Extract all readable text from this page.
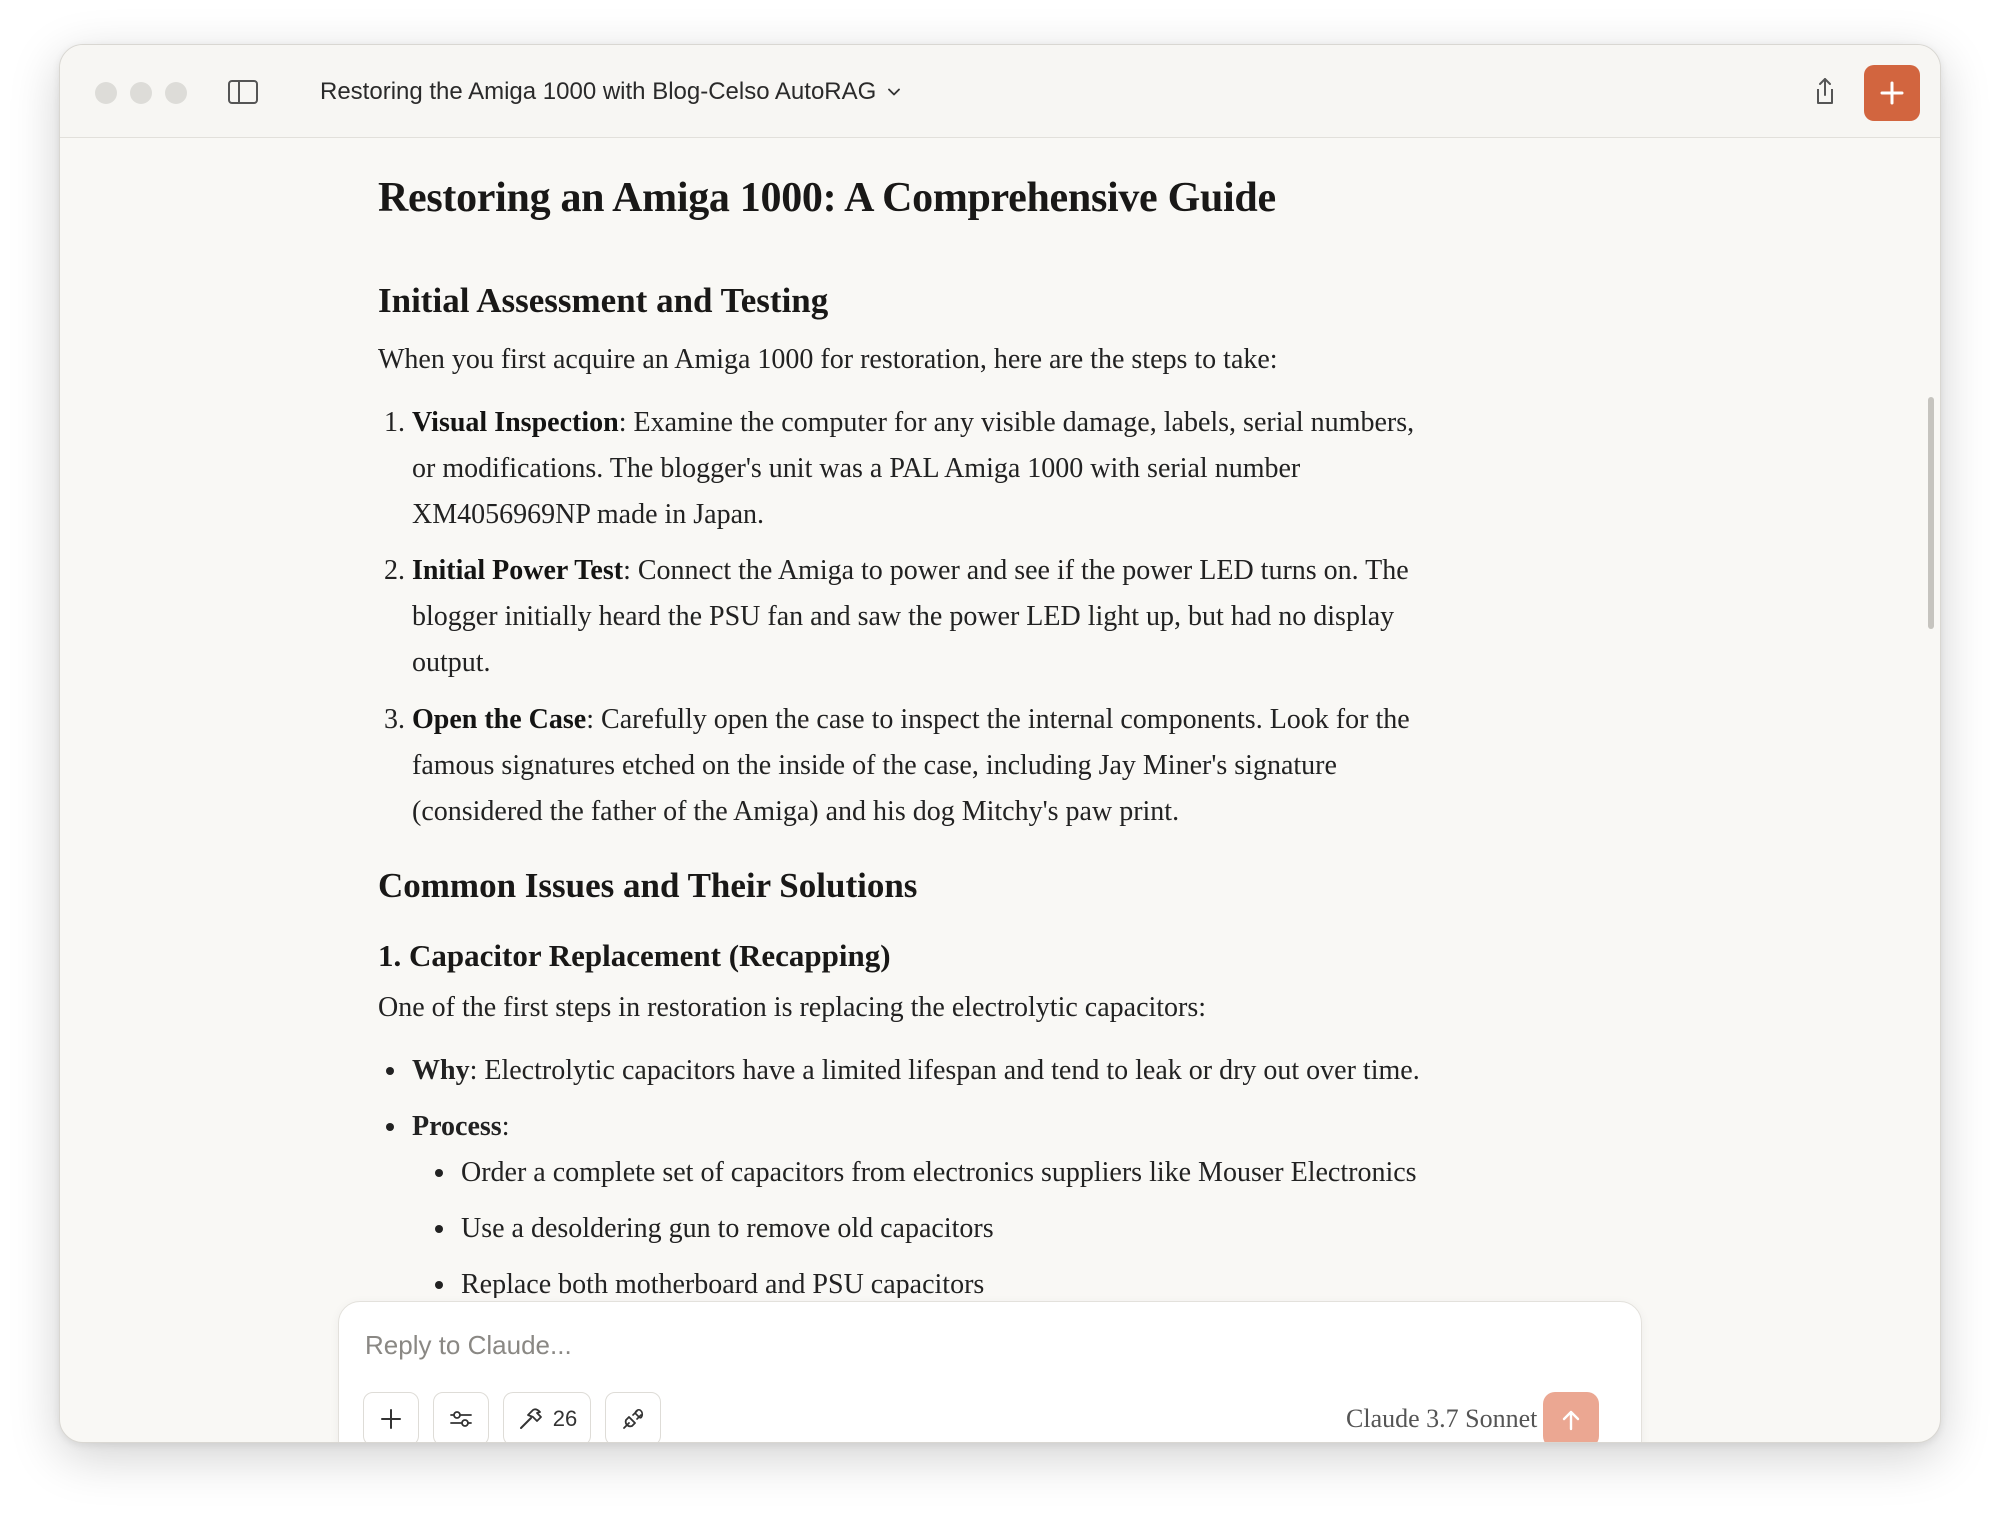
Restoring the Amiga 1000 with Blog-Celso AutoRAG
Restoring an Amiga 1000: A Comprehensive Guide
Initial Assessment and Testing

When you first acquire an Amiga 1000 for restoration, here are the steps to take:

1. Visual Inspection: Examine the computer for any visible damage, labels, serial numbers,
or modifications. The blogger's unit was a PAL Amiga 1000 with serial number
XM4056969NP made in Japan.
2. Initial Power Test: Connect the Amiga to power and see if the power LED turns on. The
blogger initially heard the PSU fan and saw the power LED light up, but had no display
output.
3. Open the Case: Carefully open the case to inspect the internal components. Look for the
famous signatures etched on the inside of the case, including Jay Miner's signature
(considered the father of the Amiga) and his dog Mitchy's paw print.
Common Issues and Their Solutions
1. Capacitor Replacement (Recapping)

One of the first steps in restoration is replacing the electrolytic capacitors:

Why: Electrolytic capacitors have a limited lifespan and tend to leak or dry out over time.
Process:
Order a complete set of capacitors from electronics suppliers like Mouser Electronics
Use a desoldering gun to remove old capacitors
Replace both motherboard and PSU capacitors
Reply to Claude...
26	Claude 3.7 Sonnet
